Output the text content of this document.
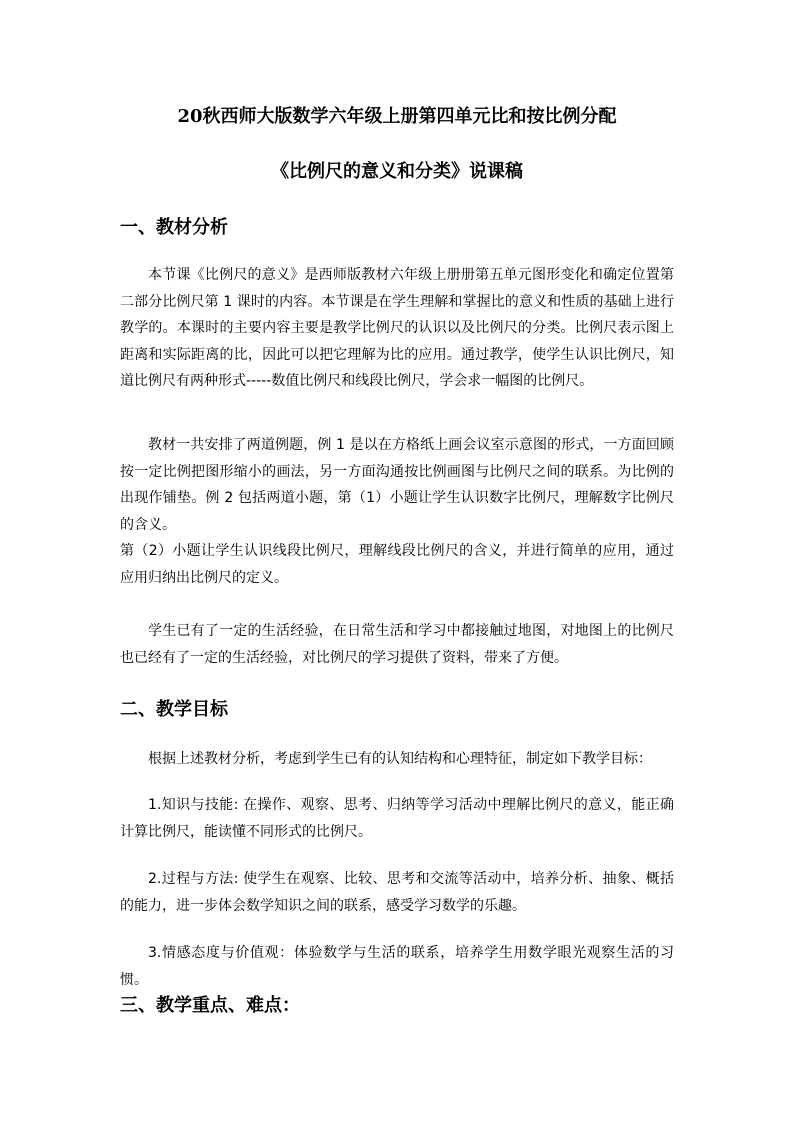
20秋西师大版数学六年级上册第四单元比和按比例分配
《比例尺的意义和分类》说课稿
一、教材分析

本节课《比例尺的意义》是西师版教材六年级上册册第五单元图形变化和确定位置第二部分比例尺第 1 课时的内容。本节课是在学生理解和掌握比的意义和性质的基础上进行教学的。本课时的主要内容主要是教学比例尺的认识以及比例尺的分类。比例尺表示图上距离和实际距离的比，因此可以把它理解为比的应用。通过教学，使学生认识比例尺，知道比例尺有两种形式-----数值比例尺和线段比例尺，学会求一幅图的比例尺。

教材一共安排了两道例题，例 1 是以在方格纸上画会议室示意图的形式，一方面回顾按一定比例把图形缩小的画法，另一方面沟通按比例画图与比例尺之间的联系。为比例的出现作铺垫。例 2 包括两道小题，第（1）小题让学生认识数字比例尺，理解数字比例尺的含义。

第（2）小题让学生认识线段比例尺，理解线段比例尺的含义，并进行简单的应用，通过应用归纳出比例尺的定义。

学生已有了一定的生活经验，在日常生活和学习中都接触过地图，对地图上的比例尺也已经有了一定的生活经验，对比例尺的学习提供了资料，带来了方便。

二、教学目标

根据上述教材分析，考虑到学生已有的认知结构和心理特征，制定如下教学目标：

1.知识与技能: 在操作、观察、思考、归纳等学习活动中理解比例尺的意义，能正确计算比例尺，能读懂不同形式的比例尺。

2.过程与方法: 使学生在观察、比较、思考和交流等活动中，培养分析、抽象、概括的能力，进一步体会数学知识之间的联系，感受学习数学的乐趣。

3.情感态度与价值观：体验数学与生活的联系，培养学生用数学眼光观察生活的习惯。

三、教学重点、难点：
